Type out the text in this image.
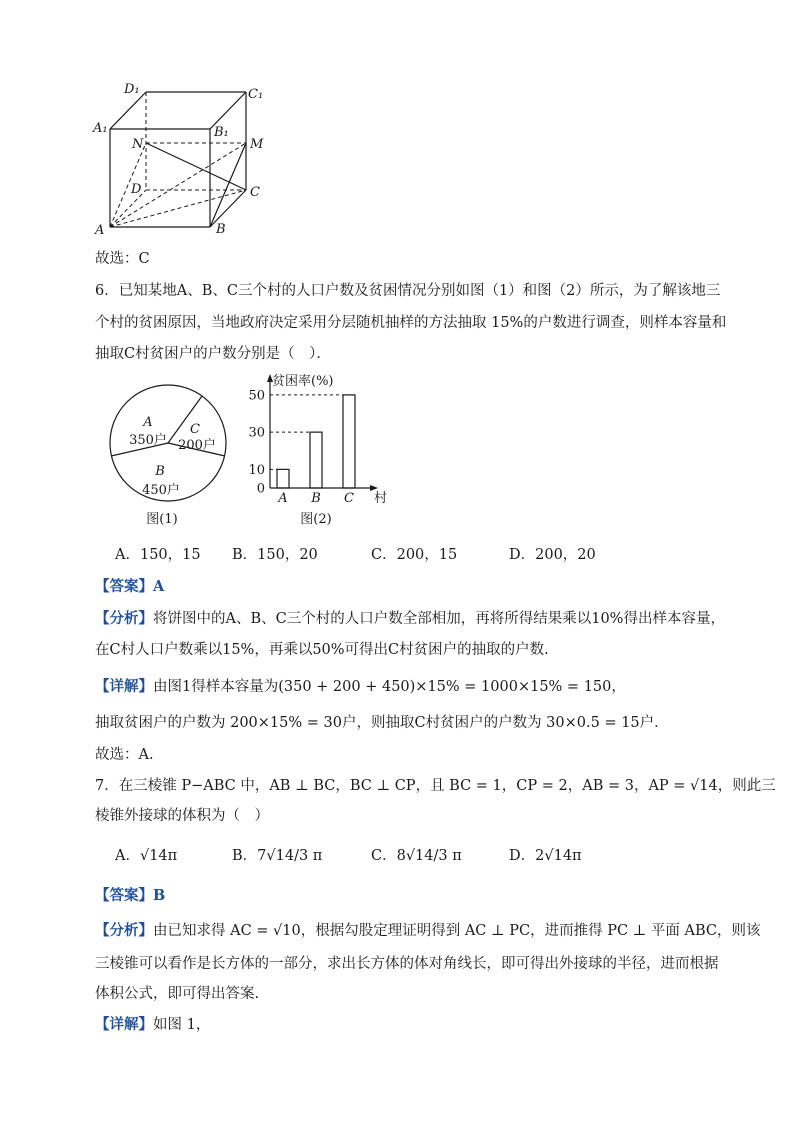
D₁	C₁
A₁	B₁
N	M
D	C
A	B
故选：C
6．已知某地A、B、C三个村的人口户数及贫困情况分别如图（1）和图（2）所示，为了解该地三
个村的贫困原因，当地政府决定采用分层随机抽样的方法抽取 15%的户数进行调查，则样本容量和
抽取C村贫困户的户数分别是（　）．
A
350户
C
200户
B
450户
图(1)
0
10
30
50
A B C
贫困率(%)
村
图(2)
A．150，15 B．150，20	C．200，15	D．200，20
【答案】A
【分析】将饼图中的A、B、C三个村的人口户数全部相加，再将所得结果乘以10%得出样本容量，
在C村人口户数乘以15%，再乘以50%可得出C村贫困户的抽取的户数.
【详解】由图1得样本容量为(350 + 200 + 450)×15% = 1000×15% = 150，
抽取贫困户的户数为 200×15% = 30户，则抽取C村贫困户的户数为 30×0.5 = 15户．
故选：A.
7．在三棱锥 P−ABC 中，AB ⊥ BC，BC ⊥ CP，且 BC = 1，CP = 2，AB = 3，AP = √14，则此三
棱锥外接球的体积为（　）
A．√14π	B．7√14/3 π	C．8√14/3 π	D．2√14π
【答案】B
【分析】由已知求得 AC = √10，根据勾股定理证明得到 AC ⊥ PC，进而推得 PC ⊥ 平面 ABC，则该
三棱锥可以看作是长方体的一部分，求出长方体的体对角线长，即可得出外接球的半径，进而根据
体积公式，即可得出答案.
【详解】如图 1，
